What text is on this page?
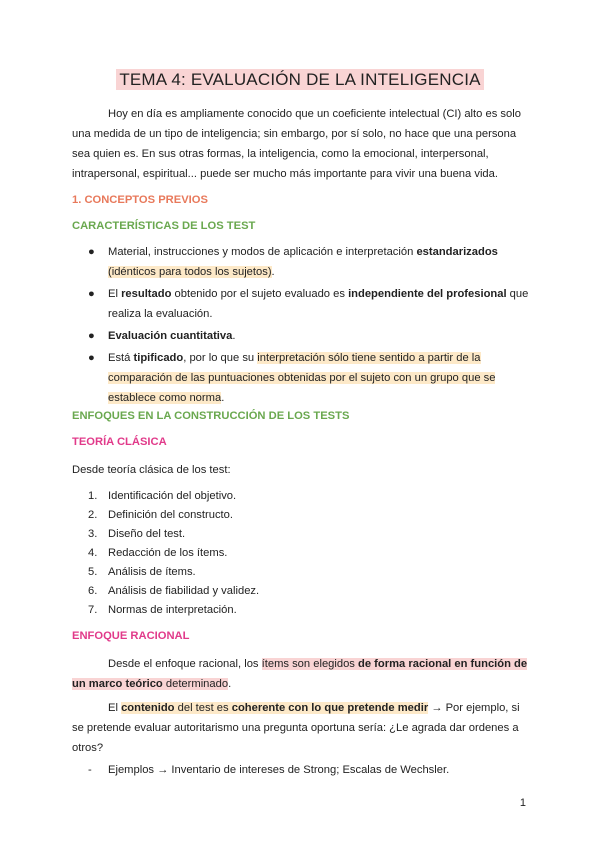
TEMA 4: EVALUACIÓN DE LA INTELIGENCIA
Hoy en día es ampliamente conocido que un coeficiente intelectual (CI) alto es solo una medida de un tipo de inteligencia; sin embargo, por sí solo, no hace que una persona sea quien es. En sus otras formas, la inteligencia, como la emocional, interpersonal, intrapersonal, espiritual... puede ser mucho más importante para vivir una buena vida.
1. CONCEPTOS PREVIOS
CARACTERÍSTICAS DE LOS TEST
● Material, instrucciones y modos de aplicación e interpretación estandarizados
(idénticos para todos los sujetos).
● El resultado obtenido por el sujeto evaluado es independiente del profesional que realiza la evaluación.
● Evaluación cuantitativa.
● Está tipificado, por lo que su interpretación sólo tiene sentido a partir de la comparación de las puntuaciones obtenidas por el sujeto con un grupo que se establece como norma.
ENFOQUES EN LA CONSTRUCCIÓN DE LOS TESTS
TEORÍA CLÁSICA
Desde teoría clásica de los test:
1. Identificación del objetivo.
2. Definición del constructo.
3. Diseño del test.
4. Redacción de los ítems.
5. Análisis de ítems.
6. Análisis de fiabilidad y validez.
7. Normas de interpretación.
ENFOQUE RACIONAL
Desde el enfoque racional, los ítems son elegidos de forma racional en función de un marco teórico determinado.
El contenido del test es coherente con lo que pretende medir → Por ejemplo, si se pretende evaluar autoritarismo una pregunta oportuna sería: ¿Le agrada dar ordenes a otros?
-	Ejemplos → Inventario de intereses de Strong; Escalas de Wechsler.
1
